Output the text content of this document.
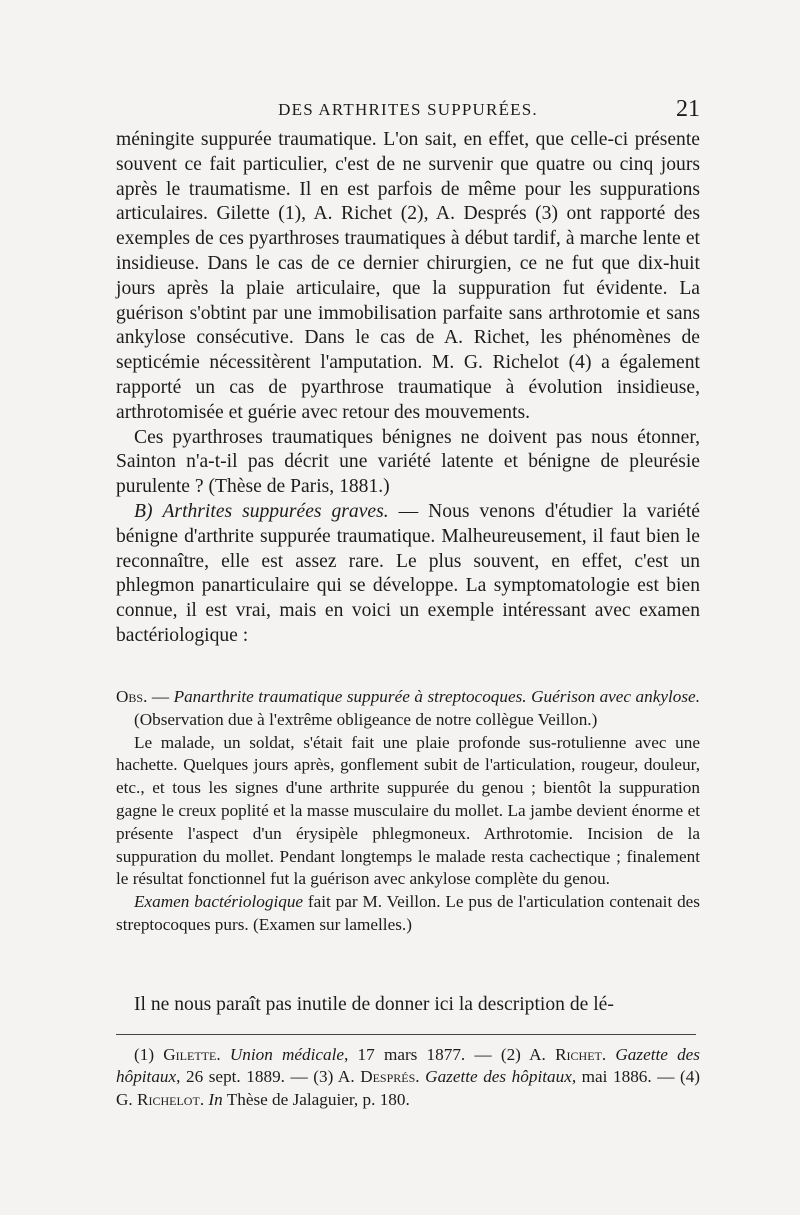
DES ARTHRITES SUPPURÉES.	21

méningite suppurée traumatique. L'on sait, en effet, que celle-ci présente souvent ce fait particulier, c'est de ne survenir que quatre ou cinq jours après le traumatisme. Il en est parfois de même pour les suppurations articulaires. Gilette (1), A. Richet (2), A. Després (3) ont rapporté des exemples de ces pyarthroses traumatiques à début tardif, à marche lente et insidieuse. Dans le cas de ce dernier chirurgien, ce ne fut que dix-huit jours après la plaie articulaire, que la suppuration fut évidente. La guérison s'obtint par une immobilisation parfaite sans arthrotomie et sans ankylose consécutive. Dans le cas de A. Richet, les phénomènes de septicémie nécessitèrent l'amputation. M. G. Richelot (4) a également rapporté un cas de pyarthrose traumatique à évolution insidieuse, arthrotomisée et guérie avec retour des mouvements.

Ces pyarthroses traumatiques bénignes ne doivent pas nous étonner, Sainton n'a-t-il pas décrit une variété latente et bénigne de pleurésie purulente ? (Thèse de Paris, 1881.)

B) Arthrites suppurées graves. — Nous venons d'étudier la variété bénigne d'arthrite suppurée traumatique. Malheureusement, il faut bien le reconnaître, elle est assez rare. Le plus souvent, en effet, c'est un phlegmon panarticulaire qui se développe. La symptomatologie est bien connue, il est vrai, mais en voici un exemple intéressant avec examen bactériologique :

Obs. — Panarthrite traumatique suppurée à streptocoques. Guérison avec ankylose. (Observation due à l'extrême obligeance de notre collègue Veillon.)

Le malade, un soldat, s'était fait une plaie profonde sus-rotulienne avec une hachette. Quelques jours après, gonflement subit de l'articulation, rougeur, douleur, etc., et tous les signes d'une arthrite suppurée du genou ; bientôt la suppuration gagne le creux poplité et la masse musculaire du mollet. La jambe devient énorme et présente l'aspect d'un érysipèle phlegmoneux. Arthrotomie. Incision de la suppuration du mollet. Pendant longtemps le malade resta cachectique ; finalement le résultat fonctionnel fut la guérison avec ankylose complète du genou.

Examen bactériologique fait par M. Veillon. Le pus de l'articulation contenait des streptocoques purs. (Examen sur lamelles.)

Il ne nous paraît pas inutile de donner ici la description de lé-

(1) Gilette. Union médicale, 17 mars 1877. — (2) A. Richet. Gazette des hôpitaux, 26 sept. 1889. — (3) A. Després. Gazette des hôpitaux, mai 1886. — (4) G. Richelot. In Thèse de Jalaguier, p. 180.
